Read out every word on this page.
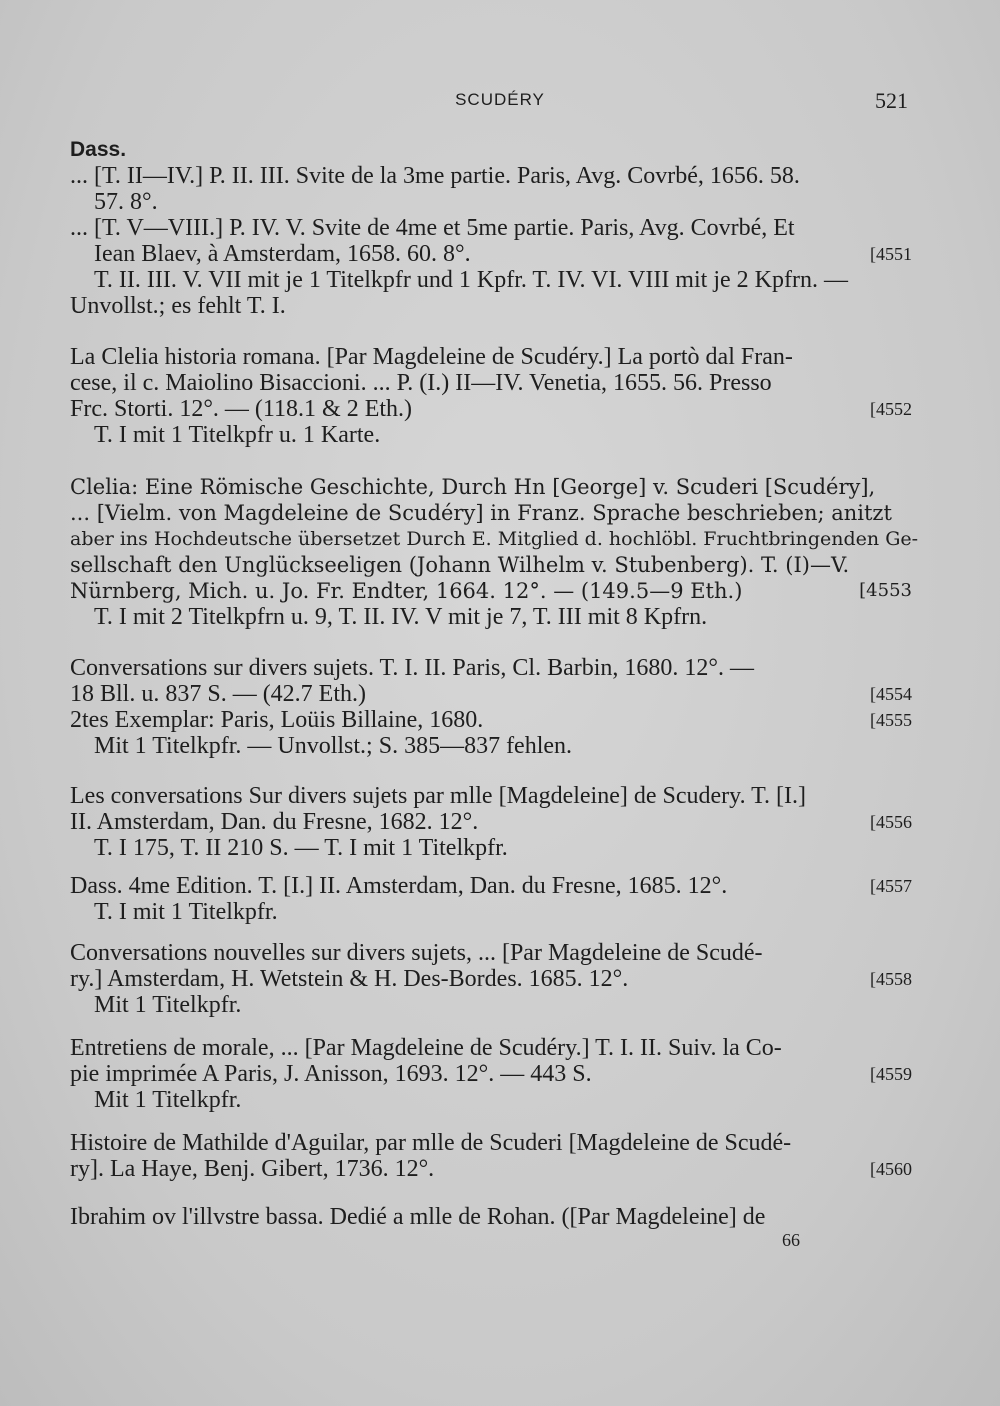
SCUDÉRY	521
Dass.
... [T. II—IV.] P. II. III. Svite de la 3me partie. Paris, Avg. Covrbé, 1656. 58.
57. 8°.
... [T. V—VIII.] P. IV. V. Svite de 4me et 5me partie. Paris, Avg. Covrbé, Et
Iean Blaev, à Amsterdam, 1658. 60. 8°.	[4551
T. II. III. V. VII mit je 1 Titelkpfr und 1 Kpfr. T. IV. VI. VIII mit je 2 Kpfrn. —
Unvollst.; es fehlt T. I.
La Clelia historia romana. [Par Magdeleine de Scudéry.] La portò dal Fran-
cese, il c. Maiolino Bisaccioni. ... P. (I.) II—IV. Venetia, 1655. 56. Presso
Frc. Storti. 12°. — (118.1 & 2 Eth.)	[4552
T. I mit 1 Titelkpfr u. 1 Karte.
Clelia: Eine Römische Geschichte, Durch Hn [George] v. Scuderi [Scudéry],
... [Vielm. von Magdeleine de Scudéry] in Franz. Sprache beschrieben; anitzt
aber ins Hochdeutsche übersetzet Durch E. Mitglied d. hochlöbl. Fruchtbringenden Ge-
sellschaft den Unglückseeligen (Johann Wilhelm v. Stubenberg). T. (I)—V.
Nürnberg, Mich. u. Jo. Fr. Endter, 1664. 12°. — (149.5—9 Eth.)	[4553
T. I mit 2 Titelkpfrn u. 9, T. II. IV. V mit je 7, T. III mit 8 Kpfrn.
Conversations sur divers sujets. T. I. II. Paris, Cl. Barbin, 1680. 12°. —
18 Bll. u. 837 S. — (42.7 Eth.)	[4554
2tes Exemplar: Paris, Loüis Billaine, 1680.	[4555
Mit 1 Titelkpfr. — Unvollst.; S. 385—837 fehlen.
Les conversations Sur divers sujets par mlle [Magdeleine] de Scudery. T. [I.]
II. Amsterdam, Dan. du Fresne, 1682. 12°.	[4556
T. I 175, T. II 210 S. — T. I mit 1 Titelkpfr.
Dass. 4me Edition. T. [I.] II. Amsterdam, Dan. du Fresne, 1685. 12°.	[4557
T. I mit 1 Titelkpfr.
Conversations nouvelles sur divers sujets, ... [Par Magdeleine de Scudé-
ry.] Amsterdam, H. Wetstein & H. Des-Bordes. 1685. 12°.	[4558
Mit 1 Titelkpfr.
Entretiens de morale, ... [Par Magdeleine de Scudéry.] T. I. II. Suiv. la Co-
pie imprimée A Paris, J. Anisson, 1693. 12°. — 443 S.	[4559
Mit 1 Titelkpfr.
Histoire de Mathilde d'Aguilar, par mlle de Scuderi [Magdeleine de Scudé-
ry]. La Haye, Benj. Gibert, 1736. 12°.	[4560
Ibrahim ov l'illvstre bassa. Dedié a mlle de Rohan. ([Par Magdeleine] de
66
